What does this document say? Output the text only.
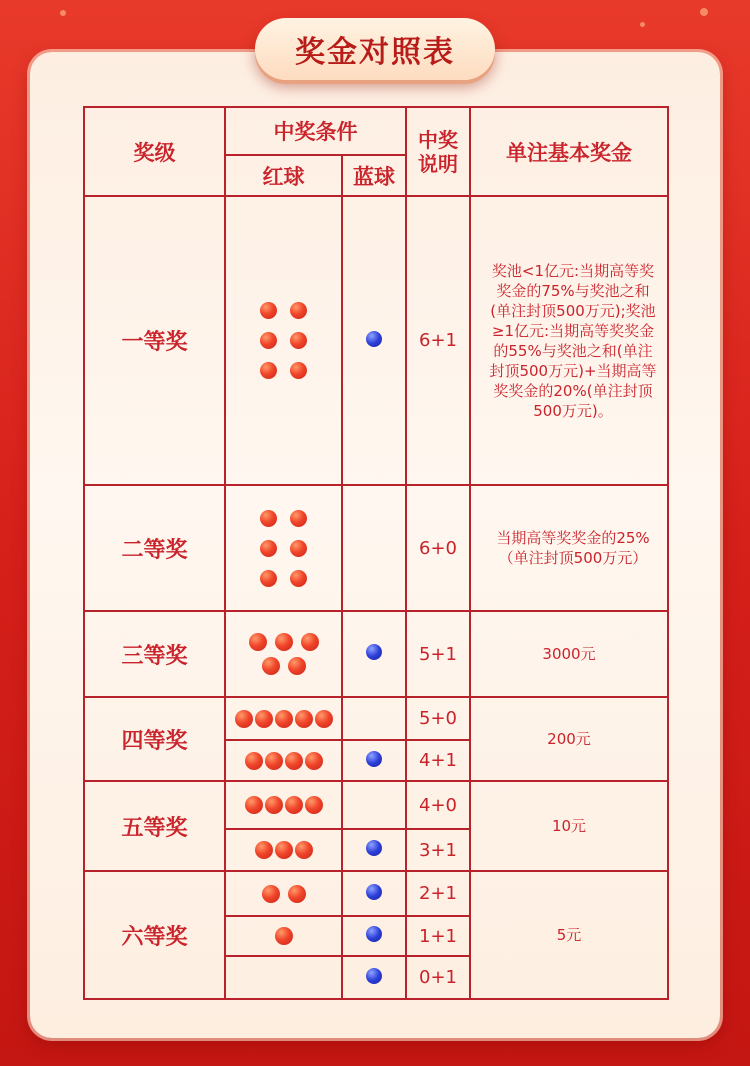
奖金对照表
奖级	中奖条件		中奖
说明	单注基本奖金
	红球	蓝球		
一等奖			6+1	奖池<1亿元:当期高等奖奖金的75%与奖池之和(单注封顶500万元);奖池≥1亿元:当期高等奖奖金的55%与奖池之和(单注封顶500万元)+当期高等奖奖金的20%(单注封顶500万元)。
二等奖			6+0	当期高等奖奖金的25%（单注封顶500万元）
三等奖			5+1	3000元
四等奖			5+0	200元

			4+1	
五等奖			4+0	10元

			3+1	
六等奖			2+1	5元

			1+1	
			0+1	
